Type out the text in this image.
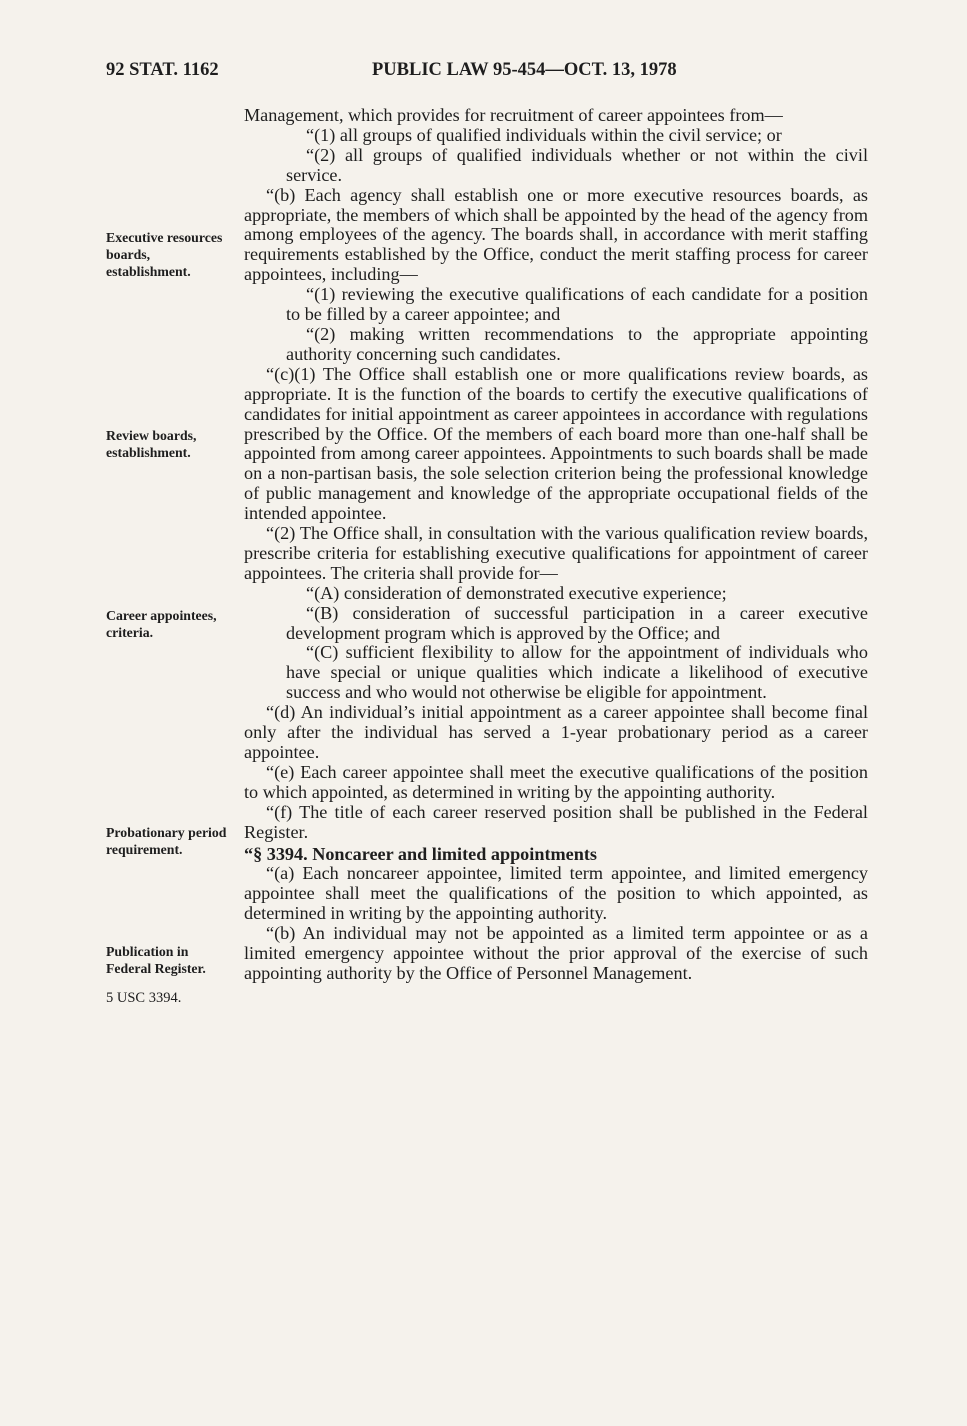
92 STAT. 1162	PUBLIC LAW 95-454—OCT. 13, 1978
Executive resources boards, establishment.
Review boards, establishment.
Career appointees, criteria.
Probationary period requirement.
Publication in Federal Register.
5 USC 3394.

Management, which provides for recruitment of career appointees from—

“(1) all groups of qualified individuals within the civil service; or

“(2) all groups of qualified individuals whether or not within the civil service.

“(b) Each agency shall establish one or more executive resources boards, as appropriate, the members of which shall be appointed by the head of the agency from among employees of the agency. The boards shall, in accordance with merit staffing requirements established by the Office, conduct the merit staffing process for career appointees, including—

“(1) reviewing the executive qualifications of each candidate for a position to be filled by a career appointee; and

“(2) making written recommendations to the appropriate appointing authority concerning such candidates.

“(c)(1) The Office shall establish one or more qualifications review boards, as appropriate. It is the function of the boards to certify the executive qualifications of candidates for initial appointment as career appointees in accordance with regulations prescribed by the Office. Of the members of each board more than one-half shall be appointed from among career appointees. Appointments to such boards shall be made on a non-partisan basis, the sole selection criterion being the professional knowledge of public management and knowledge of the appropriate occupational fields of the intended appointee.

“(2) The Office shall, in consultation with the various qualification review boards, prescribe criteria for establishing executive qualifications for appointment of career appointees. The criteria shall provide for—

“(A) consideration of demonstrated executive experience;

“(B) consideration of successful participation in a career executive development program which is approved by the Office; and

“(C) sufficient flexibility to allow for the appointment of individuals who have special or unique qualities which indicate a likelihood of executive success and who would not otherwise be eligible for appointment.

“(d) An individual’s initial appointment as a career appointee shall become final only after the individual has served a 1-year probationary period as a career appointee.

“(e) Each career appointee shall meet the executive qualifications of the position to which appointed, as determined in writing by the appointing authority.

“(f) The title of each career reserved position shall be published in the Federal Register.

“§ 3394. Noncareer and limited appointments

“(a) Each noncareer appointee, limited term appointee, and limited emergency appointee shall meet the qualifications of the position to which appointed, as determined in writing by the appointing authority.

“(b) An individual may not be appointed as a limited term appointee or as a limited emergency appointee without the prior approval of the exercise of such appointing authority by the Office of Personnel Management.
